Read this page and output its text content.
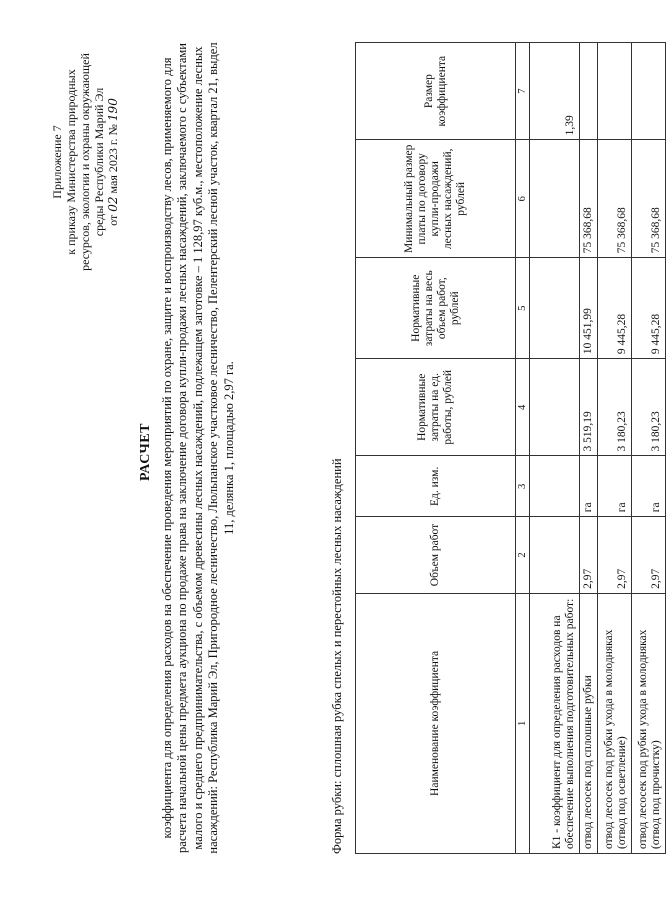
Приложение 7 к приказу Министерства природных ресурсов, экологии и охраны окружающей среды Республики Марий Эл от 02 мая 2023 г. № 190
РАСЧЕТ коэффициента для определения расходов на обеспечение проведения мероприятий по охране, защите и воспроизводству лесов, применяемого для расчета начальной цены предмета аукциона по продаже права на заключение договора купли-продажи лесных насаждений, заключаемого с субъектами малого и среднего предпринимательства, с объемом древесины лесных насаждений, подлежащем заготовке – 1 128,97 куб.м., местоположение лесных насаждений: Республика Марий Эл, Пригородное лесничество, Люльпанское участковое лесничество, Пелентерский лесной участок, квартал 21, выдел 11, делянка 1, площадью 2,97 га.
Форма рубки: сплошная рубка спелых и перестойных лесных насаждений	Наименование коэффициента	Объем работ	Ед. изм.	Нормативные затраты на ед. работы, рублей	Нормативные затраты на весь объем работ, рублей	Минимальный размер платы по договору купли-продажи лесных насаждений, рублей	Размер коэффициента
1	2	3	4	5	6	7
К1 - коэффициент для определения расходов на обеспечение выполнения подготовительных работ:						1,39
отвод лесосек под сплошные рубки	2,97	га	3 519,19	10 451,99	75 368,68	
отвод лесосек под рубки ухода в молодняках (отвод под осветление)	2,97	га	3 180,23	9 445,28	75 368,68	
отвод лесосек под рубки ухода в молодняках (отвод под прочистку)	2,97	га	3 180,23	9 445,28	75 368,68	
